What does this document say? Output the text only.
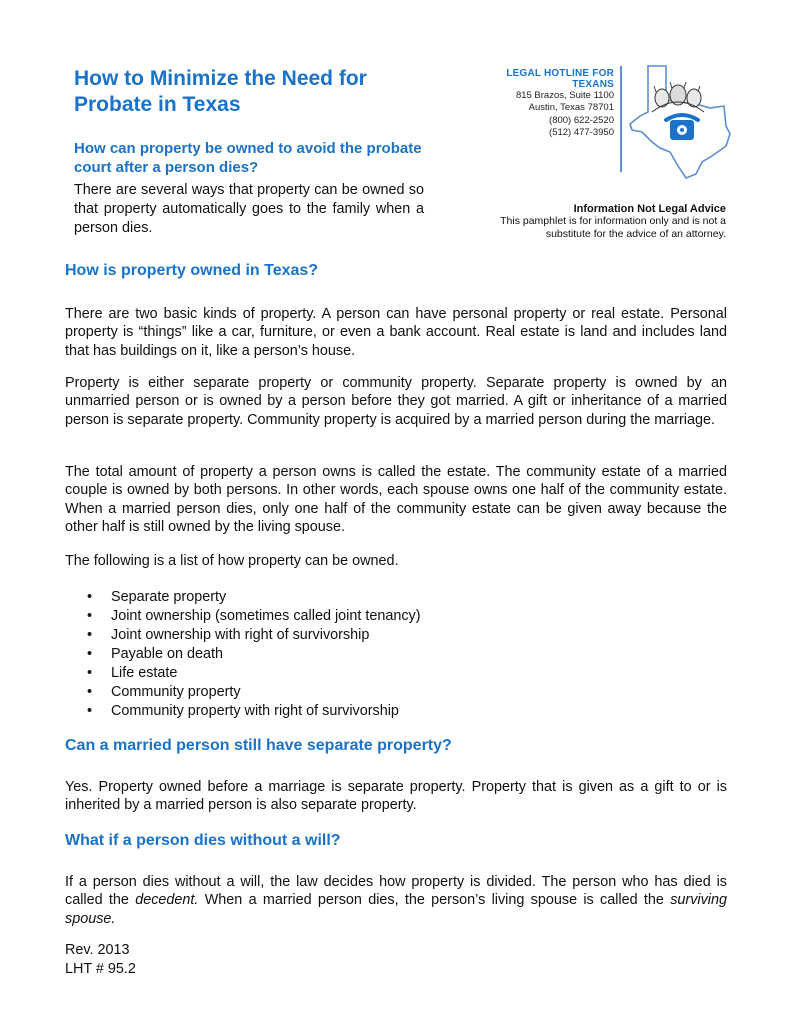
How to Minimize the Need for Probate in Texas
How can property be owned to avoid the probate court after a person dies?
There are several ways that property can be owned so that property automatically goes to the family when a person dies.
LEGAL HOTLINE FOR TEXANS
815 Brazos, Suite 1100
Austin, Texas 78701
(800) 622-2520
(512) 477-3950
Information Not Legal Advice
This pamphlet is for information only and is not a substitute for the advice of an attorney.
How is property owned in Texas?
There are two basic kinds of property. A person can have personal property or real estate. Personal property is “things” like a car, furniture, or even a bank account. Real estate is land and includes land that has buildings on it, like a person’s house.
Property is either separate property or community property. Separate property is owned by an unmarried person or is owned by a person before they got married. A gift or inheritance of a married person is separate property. Community property is acquired by a married person during the marriage.
The total amount of property a person owns is called the estate. The community estate of a married couple is owned by both persons. In other words, each spouse owns one half of the community estate. When a married person dies, only one half of the community estate can be given away because the other half is still owned by the living spouse.
The following is a list of how property can be owned.
• Separate property
• Joint ownership (sometimes called joint tenancy)
• Joint ownership with right of survivorship
• Payable on death
• Life estate
• Community property
• Community property with right of survivorship
Can a married person still have separate property?
Yes. Property owned before a marriage is separate property. Property that is given as a gift to or is inherited by a married person is also separate property.
What if a person dies without a will?
If a person dies without a will, the law decides how property is divided. The person who has died is called the decedent. When a married person dies, the person’s living spouse is called the surviving spouse.
Rev. 2013
LHT # 95.2
